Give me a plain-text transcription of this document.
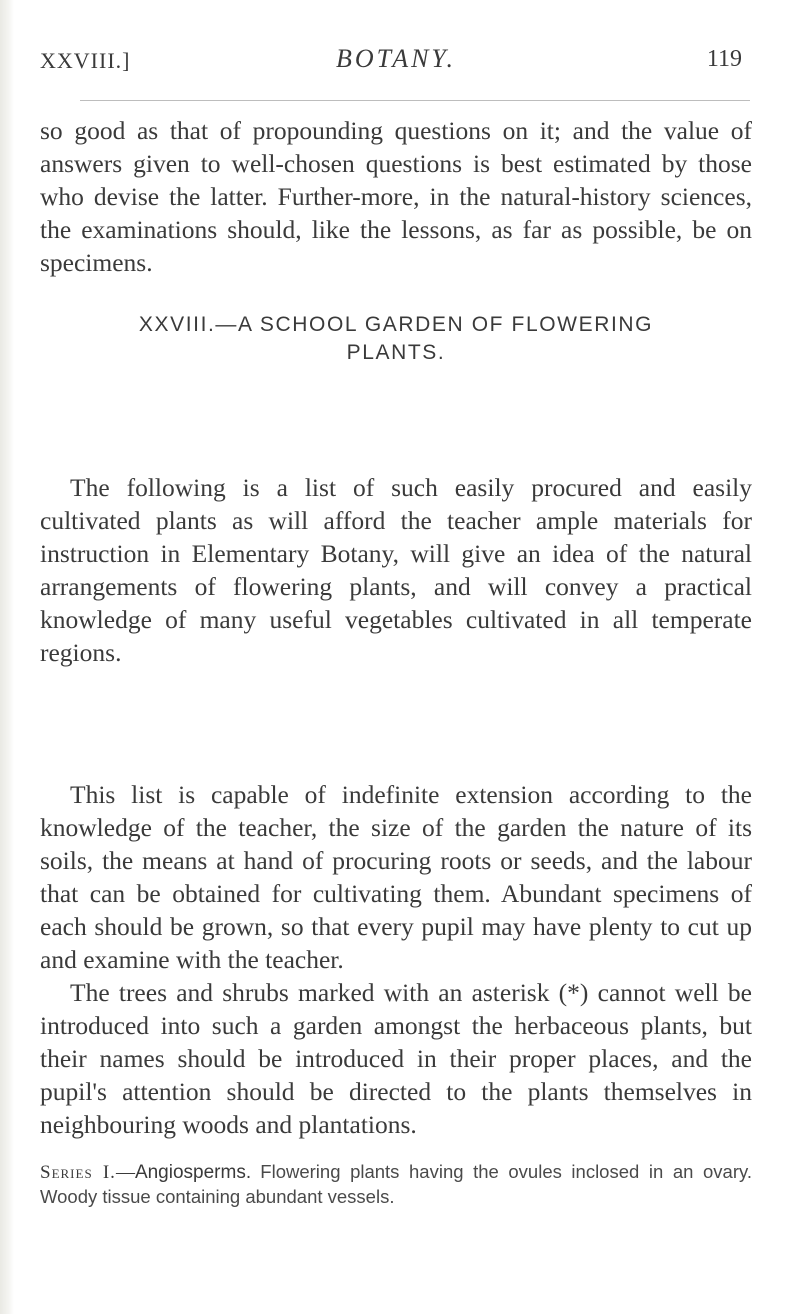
XXVIII.]	BOTANY.	119

so good as that of propounding questions on it; and the value of answers given to well-chosen questions is best estimated by those who devise the latter. Further-more, in the natural-history sciences, the examinations should, like the lessons, as far as possible, be on specimens.

XXVIII.—A SCHOOL GARDEN OF FLOWERING
PLANTS.

The following is a list of such easily procured and easily cultivated plants as will afford the teacher ample materials for instruction in Elementary Botany, will give an idea of the natural arrangements of flowering plants, and will convey a practical knowledge of many useful vegetables cultivated in all temperate regions.

This list is capable of indefinite extension according to the knowledge of the teacher, the size of the garden the nature of its soils, the means at hand of procuring roots or seeds, and the labour that can be obtained for cultivating them. Abundant specimens of each should be grown, so that every pupil may have plenty to cut up and examine with the teacher.

The trees and shrubs marked with an asterisk (*) cannot well be introduced into such a garden amongst the herbaceous plants, but their names should be introduced in their proper places, and the pupil's attention should be directed to the plants themselves in neighbouring woods and plantations.

Series I.—Angiosperms. Flowering plants having the ovules inclosed in an ovary. Woody tissue containing abundant vessels.
